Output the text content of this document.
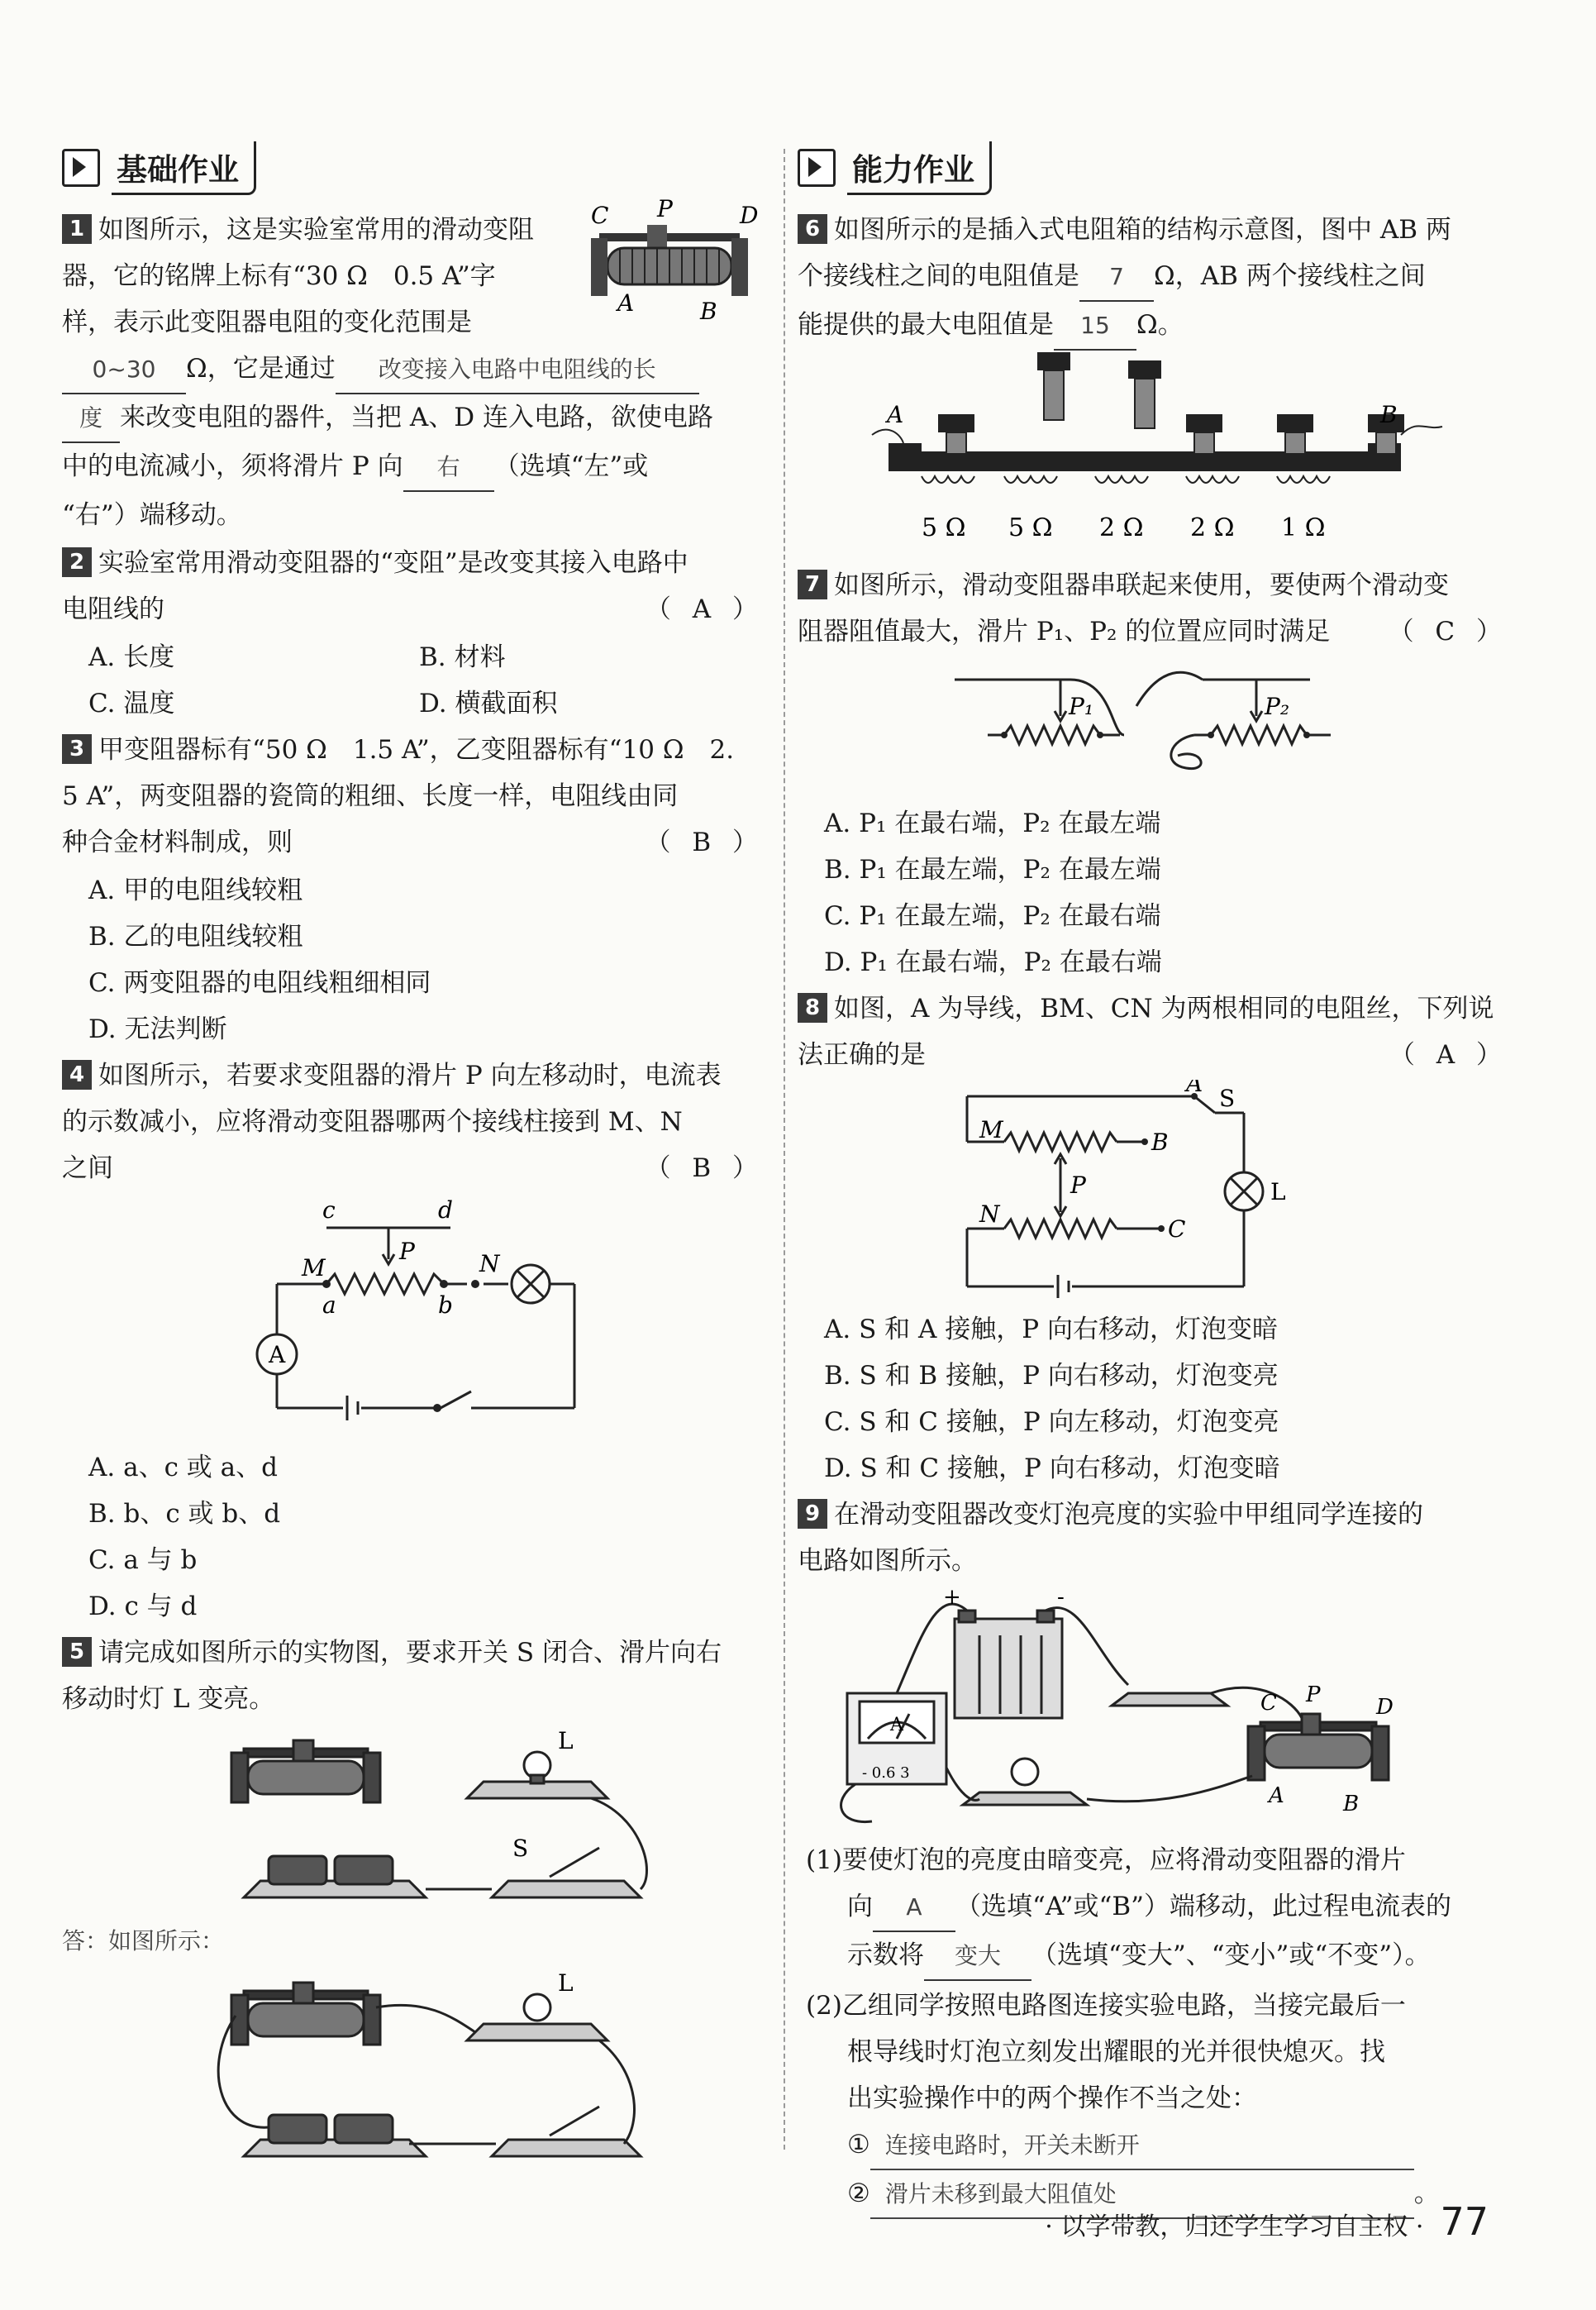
基础作业
C P	D
A	B
1 如图所示，这是实验室常用的滑动变阻
器，它的铭牌上标有“30 Ω　0.5 A”字
样，表示此变阻器电阻的变化范围是
0~30 Ω，它是通过 改变接入电路中电阻线的长
度 来改变电阻的器件，当把 A、D 连入电路，欲使电路
中的电流减小，须将滑片 P 向 右 （选填“左”或
“右”）端移动。
2 实验室常用滑动变阻器的“变阻”是改变其接入电路中
电阻线的	（ A ）
A. 长度	B. 材料
C. 温度	D. 横截面积
3 甲变阻器标有“50 Ω　1.5 A”，乙变阻器标有“10 Ω　2.
5 A”，两变阻器的瓷筒的粗细、长度一样，电阻线由同
种合金材料制成，则	（ B ）
A. 甲的电阻线较粗
B. 乙的电阻线较粗
C. 两变阻器的电阻线粗细相同
D. 无法判断
4 如图所示，若要求变阻器的滑片 P 向左移动时，电流表
的示数减小，应将滑动变阻器哪两个接线柱接到 M、N
之间	（ B ）
c	d
P
M	N
a	b
A
A. a、c 或 a、d
B. b、c 或 b、d
C. a 与 b
D. c 与 d
5 请完成如图所示的实物图，要求开关 S 闭合、滑片向右
移动时灯 L 变亮。
L
S
答：如图所示：
L
能力作业
6 如图所示的是插入式电阻箱的结构示意图，图中 AB 两
个接线柱之间的电阻值是 7 Ω，AB 两个接线柱之间
能提供的最大电阻值是 15 Ω。
A	B
5 Ω 5 Ω 2 Ω 2 Ω 1 Ω
7 如图所示，滑动变阻器串联起来使用，要使两个滑动变
阻器阻值最大，滑片 P₁、P₂ 的位置应同时满足 （ C ）
P₁	P₂
A. P₁ 在最右端，P₂ 在最左端
B. P₁ 在最左端，P₂ 在最左端
C. P₁ 在最左端，P₂ 在最右端
D. P₁ 在最右端，P₂ 在最右端
8 如图，A 为导线，BM、CN 为两根相同的电阻丝，下列说
法正确的是	（ A ）
A
S
M	B
P	L
N
C
A. S 和 A 接触，P 向右移动，灯泡变暗
B. S 和 B 接触，P 向右移动，灯泡变亮
C. S 和 C 接触，P 向左移动，灯泡变亮
D. S 和 C 接触，P 向右移动，灯泡变暗
9 在滑动变阻器改变灯泡亮度的实验中甲组同学连接的
电路如图所示。
+	-
A
- 0.6 3
C P	D
A	B
(1)要使灯泡的亮度由暗变亮，应将滑动变阻器的滑片
向 A （选填“A”或“B”）端移动，此过程电流表的
示数将 变大 （选填“变大”、“变小”或“不变”）。
(2)乙组同学按照电路图连接实验电路，当接完最后一
根导线时灯泡立刻发出耀眼的光并很快熄灭。找
出实验操作中的两个操作不当之处：
① 连接电路时，开关未断开
② 滑片未移到最大阻值处	。
· 以学带教，归还学生学习自主权 · 77
